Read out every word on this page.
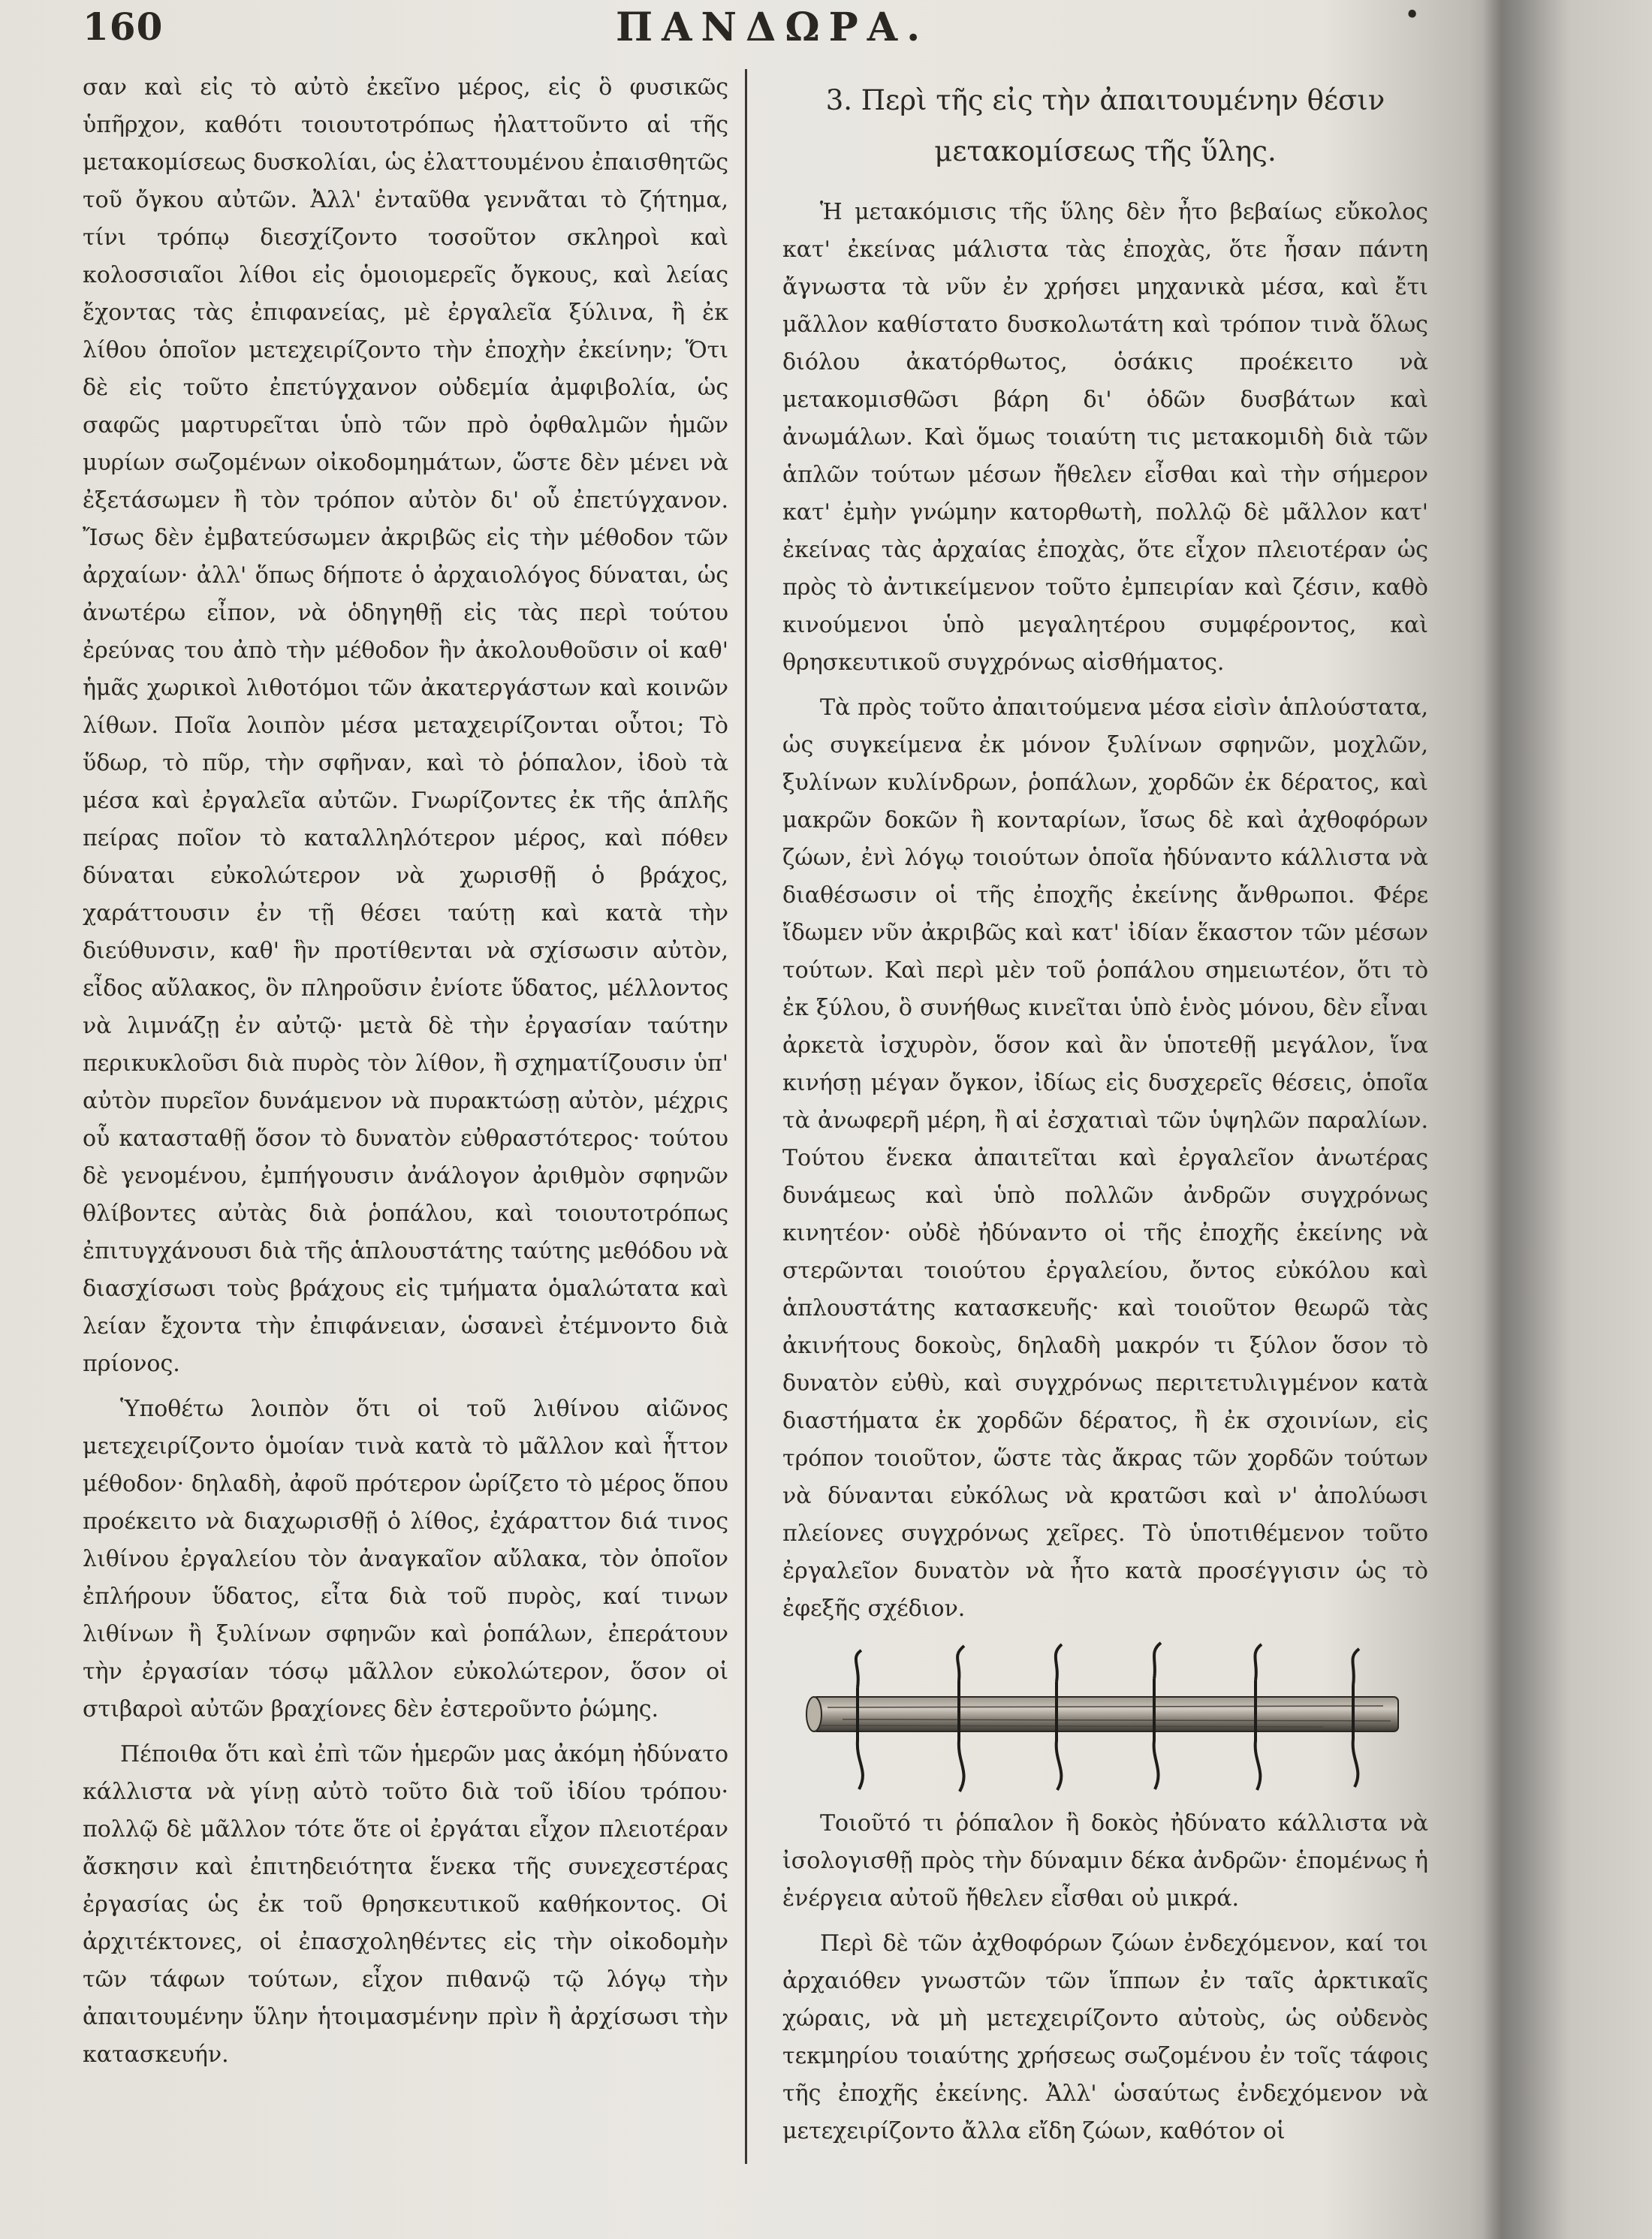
160	ΠΑΝΔΩΡΑ.	•

σαν καὶ εἰς τὸ αὐτὸ ἐκεῖνο μέρος, εἰς ὃ φυσικῶς ὑπῆρχον, καθότι τοιουτοτρόπως ἠλαττοῦντο αἱ τῆς μετακομίσεως δυσκολίαι, ὡς ἐλαττουμένου ἐπαισθητῶς τοῦ ὄγκου αὐτῶν. Ἀλλ' ἐνταῦθα γεννᾶται τὸ ζήτημα, τίνι τρόπῳ διεσχίζοντο τοσοῦτον σκληροὶ καὶ κολοσσιαῖοι λίθοι εἰς ὁμοιομερεῖς ὄγκους, καὶ λείας ἔχοντας τὰς ἐπιφανείας, μὲ ἐργαλεῖα ξύλινα, ἢ ἐκ λίθου ὁποῖον μετεχειρίζοντο τὴν ἐποχὴν ἐκείνην; Ὅτι δὲ εἰς τοῦτο ἐπετύγχανον οὐδεμία ἀμφιβολία, ὡς σαφῶς μαρτυρεῖται ὑπὸ τῶν πρὸ ὀφθαλμῶν ἡμῶν μυρίων σωζομένων οἰκοδομημάτων, ὥστε δὲν μένει νὰ ἐξετάσωμεν ἢ τὸν τρόπον αὐτὸν δι' οὗ ἐπετύγχανον. Ἴσως δὲν ἐμβατεύσωμεν ἀκριβῶς εἰς τὴν μέθοδον τῶν ἀρχαίων· ἀλλ' ὅπως δήποτε ὁ ἀρχαιολόγος δύναται, ὡς ἀνωτέρω εἶπον, νὰ ὁδηγηθῇ εἰς τὰς περὶ τούτου ἐρεύνας του ἀπὸ τὴν μέθοδον ἣν ἀκολουθοῦσιν οἱ καθ' ἡμᾶς χωρικοὶ λιθοτόμοι τῶν ἀκατεργάστων καὶ κοινῶν λίθων. Ποῖα λοιπὸν μέσα μεταχειρίζονται οὗτοι; Τὸ ὕδωρ, τὸ πῦρ, τὴν σφῆναν, καὶ τὸ ῥόπαλον, ἰδοὺ τὰ μέσα καὶ ἐργαλεῖα αὐτῶν. Γνωρίζοντες ἐκ τῆς ἁπλῆς πείρας ποῖον τὸ καταλληλότερον μέρος, καὶ πόθεν δύναται εὐκολώτερον νὰ χωρισθῇ ὁ βράχος, χαράττουσιν ἐν τῇ θέσει ταύτῃ καὶ κατὰ τὴν διεύθυνσιν, καθ' ἣν προτίθενται νὰ σχίσωσιν αὐτὸν, εἶδος αὔλακος, ὃν πληροῦσιν ἐνίοτε ὕδατος, μέλλοντος νὰ λιμνάζῃ ἐν αὐτῷ· μετὰ δὲ τὴν ἐργασίαν ταύτην περικυκλοῦσι διὰ πυρὸς τὸν λίθον, ἢ σχηματίζουσιν ὑπ' αὐτὸν πυρεῖον δυνάμενον νὰ πυρακτώσῃ αὐτὸν, μέχρις οὗ κατασταθῇ ὅσον τὸ δυνατὸν εὐθραστότερος· τούτου δὲ γενομένου, ἐμπήγουσιν ἀνάλογον ἀριθμὸν σφηνῶν θλίβοντες αὐτὰς διὰ ῥοπάλου, καὶ τοιουτοτρόπως ἐπιτυγχάνουσι διὰ τῆς ἁπλουστάτης ταύτης μεθόδου νὰ διασχίσωσι τοὺς βράχους εἰς τμήματα ὁμαλώτατα καὶ λείαν ἔχοντα τὴν ἐπιφάνειαν, ὡσανεὶ ἐτέμνοντο διὰ πρίονος.

Ὑποθέτω λοιπὸν ὅτι οἱ τοῦ λιθίνου αἰῶνος μετεχειρίζοντο ὁμοίαν τινὰ κατὰ τὸ μᾶλλον καὶ ἧττον μέθοδον· δηλαδὴ, ἀφοῦ πρότερον ὡρίζετο τὸ μέρος ὅπου προέκειτο νὰ διαχωρισθῇ ὁ λίθος, ἐχάραττον διά τινος λιθίνου ἐργαλείου τὸν ἀναγκαῖον αὔλακα, τὸν ὁποῖον ἐπλήρουν ὕδατος, εἶτα διὰ τοῦ πυρὸς, καί τινων λιθίνων ἢ ξυλίνων σφηνῶν καὶ ῥοπάλων, ἐπεράτουν τὴν ἐργασίαν τόσῳ μᾶλλον εὐκολώτερον, ὅσον οἱ στιβαροὶ αὐτῶν βραχίονες δὲν ἐστεροῦντο ῥώμης.

Πέποιθα ὅτι καὶ ἐπὶ τῶν ἡμερῶν μας ἀκόμη ἠδύνατο κάλλιστα νὰ γίνῃ αὐτὸ τοῦτο διὰ τοῦ ἰδίου τρόπου· πολλῷ δὲ μᾶλλον τότε ὅτε οἱ ἐργάται εἶχον πλειοτέραν ἄσκησιν καὶ ἐπιτηδειότητα ἕνεκα τῆς συνεχεστέρας ἐργασίας ὡς ἐκ τοῦ θρησκευτικοῦ καθήκοντος. Οἱ ἀρχιτέκτονες, οἱ ἐπασχοληθέντες εἰς τὴν οἰκοδομὴν τῶν τάφων τούτων, εἶχον πιθανῷ τῷ λόγῳ τὴν ἀπαιτουμένην ὕλην ἡτοιμασμένην πρὶν ἢ ἀρχίσωσι τὴν κατασκευήν.

3. Περὶ τῆς εἰς τὴν ἀπαιτουμένην θέσιν μετακομίσεως τῆς ὕλης.

Ἡ μετακόμισις τῆς ὕλης δὲν ἦτο βεβαίως εὔκολος κατ' ἐκείνας μάλιστα τὰς ἐποχὰς, ὅτε ἦσαν πάντη ἄγνωστα τὰ νῦν ἐν χρήσει μηχανικὰ μέσα, καὶ ἔτι μᾶλλον καθίστατο δυσκολωτάτη καὶ τρόπον τινὰ ὅλως διόλου ἀκατόρθωτος, ὁσάκις προέκειτο νὰ μετακομισθῶσι βάρη δι' ὁδῶν δυσβάτων καὶ ἀνωμάλων. Καὶ ὅμως τοιαύτη τις μετακομιδὴ διὰ τῶν ἁπλῶν τούτων μέσων ἤθελεν εἶσθαι καὶ τὴν σήμερον κατ' ἐμὴν γνώμην κατορθωτὴ, πολλῷ δὲ μᾶλλον κατ' ἐκείνας τὰς ἀρχαίας ἐποχὰς, ὅτε εἶχον πλειοτέραν ὡς πρὸς τὸ ἀντικείμενον τοῦτο ἐμπειρίαν καὶ ζέσιν, καθὸ κινούμενοι ὑπὸ μεγαλητέρου συμφέροντος, καὶ θρησκευτικοῦ συγχρόνως αἰσθήματος.

Τὰ πρὸς τοῦτο ἀπαιτούμενα μέσα εἰσὶν ἁπλούστατα, ὡς συγκείμενα ἐκ μόνον ξυλίνων σφηνῶν, μοχλῶν, ξυλίνων κυλίνδρων, ῥοπάλων, χορδῶν ἐκ δέρατος, καὶ μακρῶν δοκῶν ἢ κονταρίων, ἴσως δὲ καὶ ἀχθοφόρων ζώων, ἐνὶ λόγῳ τοιούτων ὁποῖα ἠδύναντο κάλλιστα νὰ διαθέσωσιν οἱ τῆς ἐποχῆς ἐκείνης ἄνθρωποι. Φέρε ἴδωμεν νῦν ἀκριβῶς καὶ κατ' ἰδίαν ἕκαστον τῶν μέσων τούτων. Καὶ περὶ μὲν τοῦ ῥοπάλου σημειωτέον, ὅτι τὸ ἐκ ξύλου, ὃ συνήθως κινεῖται ὑπὸ ἑνὸς μόνου, δὲν εἶναι ἀρκετὰ ἰσχυρὸν, ὅσον καὶ ἂν ὑποτεθῇ μεγάλον, ἵνα κινήσῃ μέγαν ὄγκον, ἰδίως εἰς δυσχερεῖς θέσεις, ὁποῖα τὰ ἀνωφερῆ μέρη, ἢ αἱ ἐσχατιαὶ τῶν ὑψηλῶν παραλίων. Τούτου ἕνεκα ἀπαιτεῖται καὶ ἐργαλεῖον ἀνωτέρας δυνάμεως καὶ ὑπὸ πολλῶν ἀνδρῶν συγχρόνως κινητέον· οὐδὲ ἠδύναντο οἱ τῆς ἐποχῆς ἐκείνης νὰ στερῶνται τοιούτου ἐργαλείου, ὄντος εὐκόλου καὶ ἁπλουστάτης κατασκευῆς· καὶ τοιοῦτον θεωρῶ τὰς ἀκινήτους δοκοὺς, δηλαδὴ μακρόν τι ξύλον ὅσον τὸ δυνατὸν εὐθὺ, καὶ συγχρόνως περιτετυλιγμένον κατὰ διαστήματα ἐκ χορδῶν δέρατος, ἢ ἐκ σχοινίων, εἰς τρόπον τοιοῦτον, ὥστε τὰς ἄκρας τῶν χορδῶν τούτων νὰ δύνανται εὐκόλως νὰ κρατῶσι καὶ ν' ἀπολύωσι πλείονες συγχρόνως χεῖρες. Τὸ ὑποτιθέμενον τοῦτο ἐργαλεῖον δυνατὸν νὰ ἦτο κατὰ προσέγγισιν ὡς τὸ ἐφεξῆς σχέδιον.

Τοιοῦτό τι ῥόπαλον ἢ δοκὸς ἠδύνατο κάλλιστα νὰ ἰσολογισθῇ πρὸς τὴν δύναμιν δέκα ἀνδρῶν· ἑπομένως ἡ ἐνέργεια αὐτοῦ ἤθελεν εἶσθαι οὐ μικρά.

Περὶ δὲ τῶν ἀχθοφόρων ζώων ἐνδεχόμενον, καί τοι ἀρχαιόθεν γνωστῶν τῶν ἵππων ἐν ταῖς ἀρκτικαῖς χώραις, νὰ μὴ μετεχειρίζοντο αὐτοὺς, ὡς οὐδενὸς τεκμηρίου τοιαύτης χρήσεως σωζομένου ἐν τοῖς τάφοις τῆς ἐποχῆς ἐκείνης. Ἀλλ' ὡσαύτως ἐνδεχόμενον νὰ μετεχειρίζοντο ἄλλα εἴδη ζώων, καθότον οἱ
